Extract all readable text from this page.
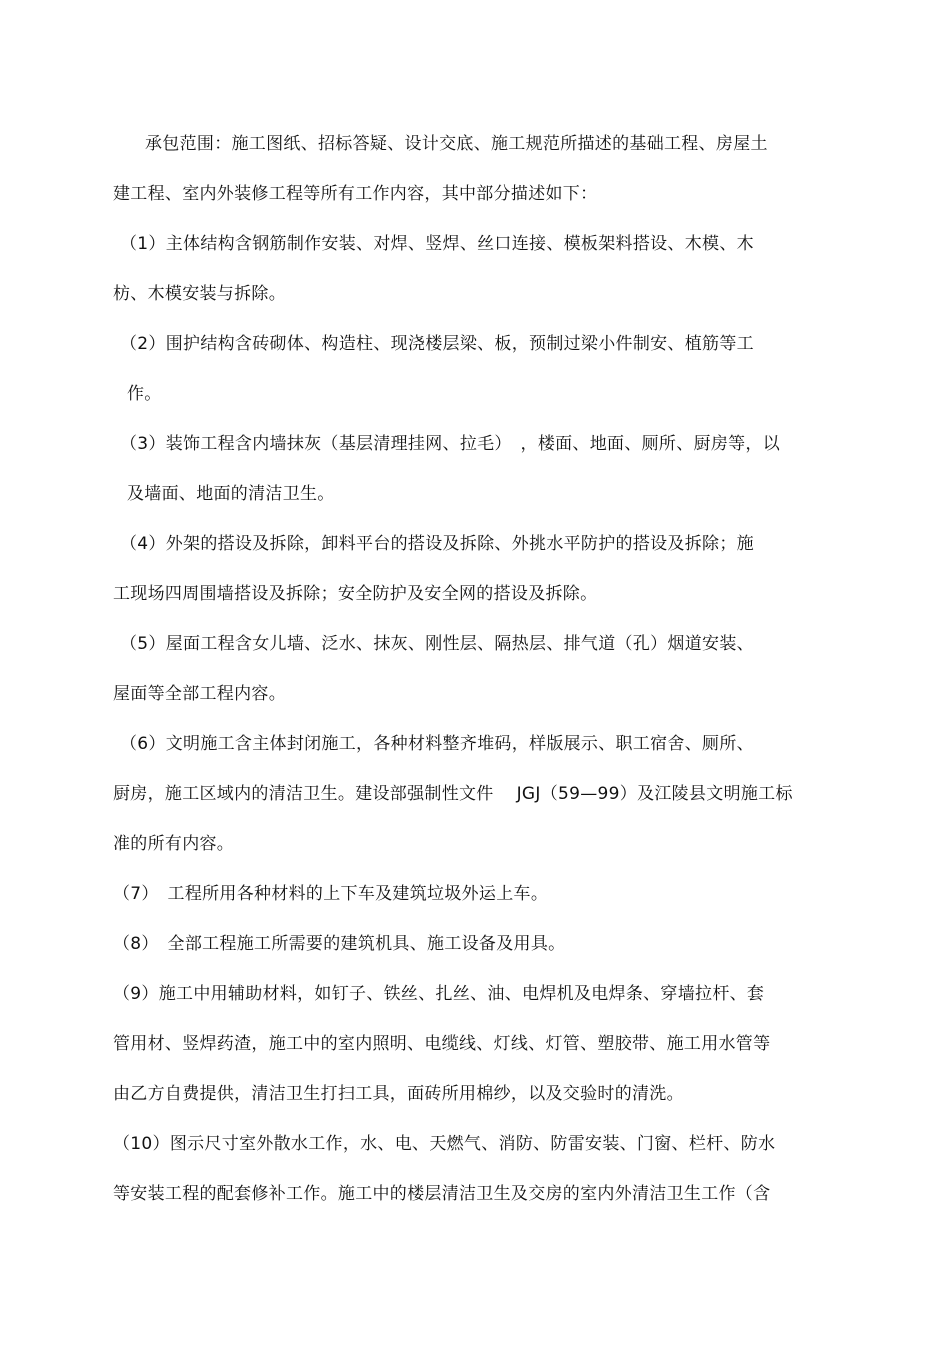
承包范围：施工图纸、招标答疑、设计交底、施工规范所描述的基础工程、房屋土
建工程、室内外装修工程等所有工作内容，其中部分描述如下：
（1）主体结构含钢筋制作安装、对焊、竖焊、丝口连接、模板架料搭设、木模、木
枋、木模安装与拆除。
（2）围护结构含砖砌体、构造柱、现浇楼层梁、板，预制过梁小件制安、植筋等工
作。
（3）装饰工程含内墙抹灰（基层清理挂网、拉毛）　，楼面、地面、厕所、厨房等，以
及墙面、地面的清洁卫生。
（4）外架的搭设及拆除，卸料平台的搭设及拆除、外挑水平防护的搭设及拆除；施
工现场四周围墙搭设及拆除；安全防护及安全网的搭设及拆除。
（5）屋面工程含女儿墙、泛水、抹灰、刚性层、隔热层、排气道（孔）烟道安装、
屋面等全部工程内容。
（6）文明施工含主体封闭施工，各种材料整齐堆码，样版展示、职工宿舍、厕所、
厨房，施工区域内的清洁卫生。建设部强制性文件　 JGJ（59—99）及江陵县文明施工标
准的所有内容。
（7）　工程所用各种材料的上下车及建筑垃圾外运上车。
（8）　全部工程施工所需要的建筑机具、施工设备及用具。
（9）施工中用辅助材料，如钉子、铁丝、扎丝、油、电焊机及电焊条、穿墙拉杆、套
管用材、竖焊药渣，施工中的室内照明、电缆线、灯线、灯管、塑胶带、施工用水管等
由乙方自费提供，清洁卫生打扫工具，面砖所用棉纱，以及交验时的清洗。
（10）图示尺寸室外散水工作，水、电、天燃气、消防、防雷安装、门窗、栏杆、防水
等安装工程的配套修补工作。施工中的楼层清洁卫生及交房的室内外清洁卫生工作（含
